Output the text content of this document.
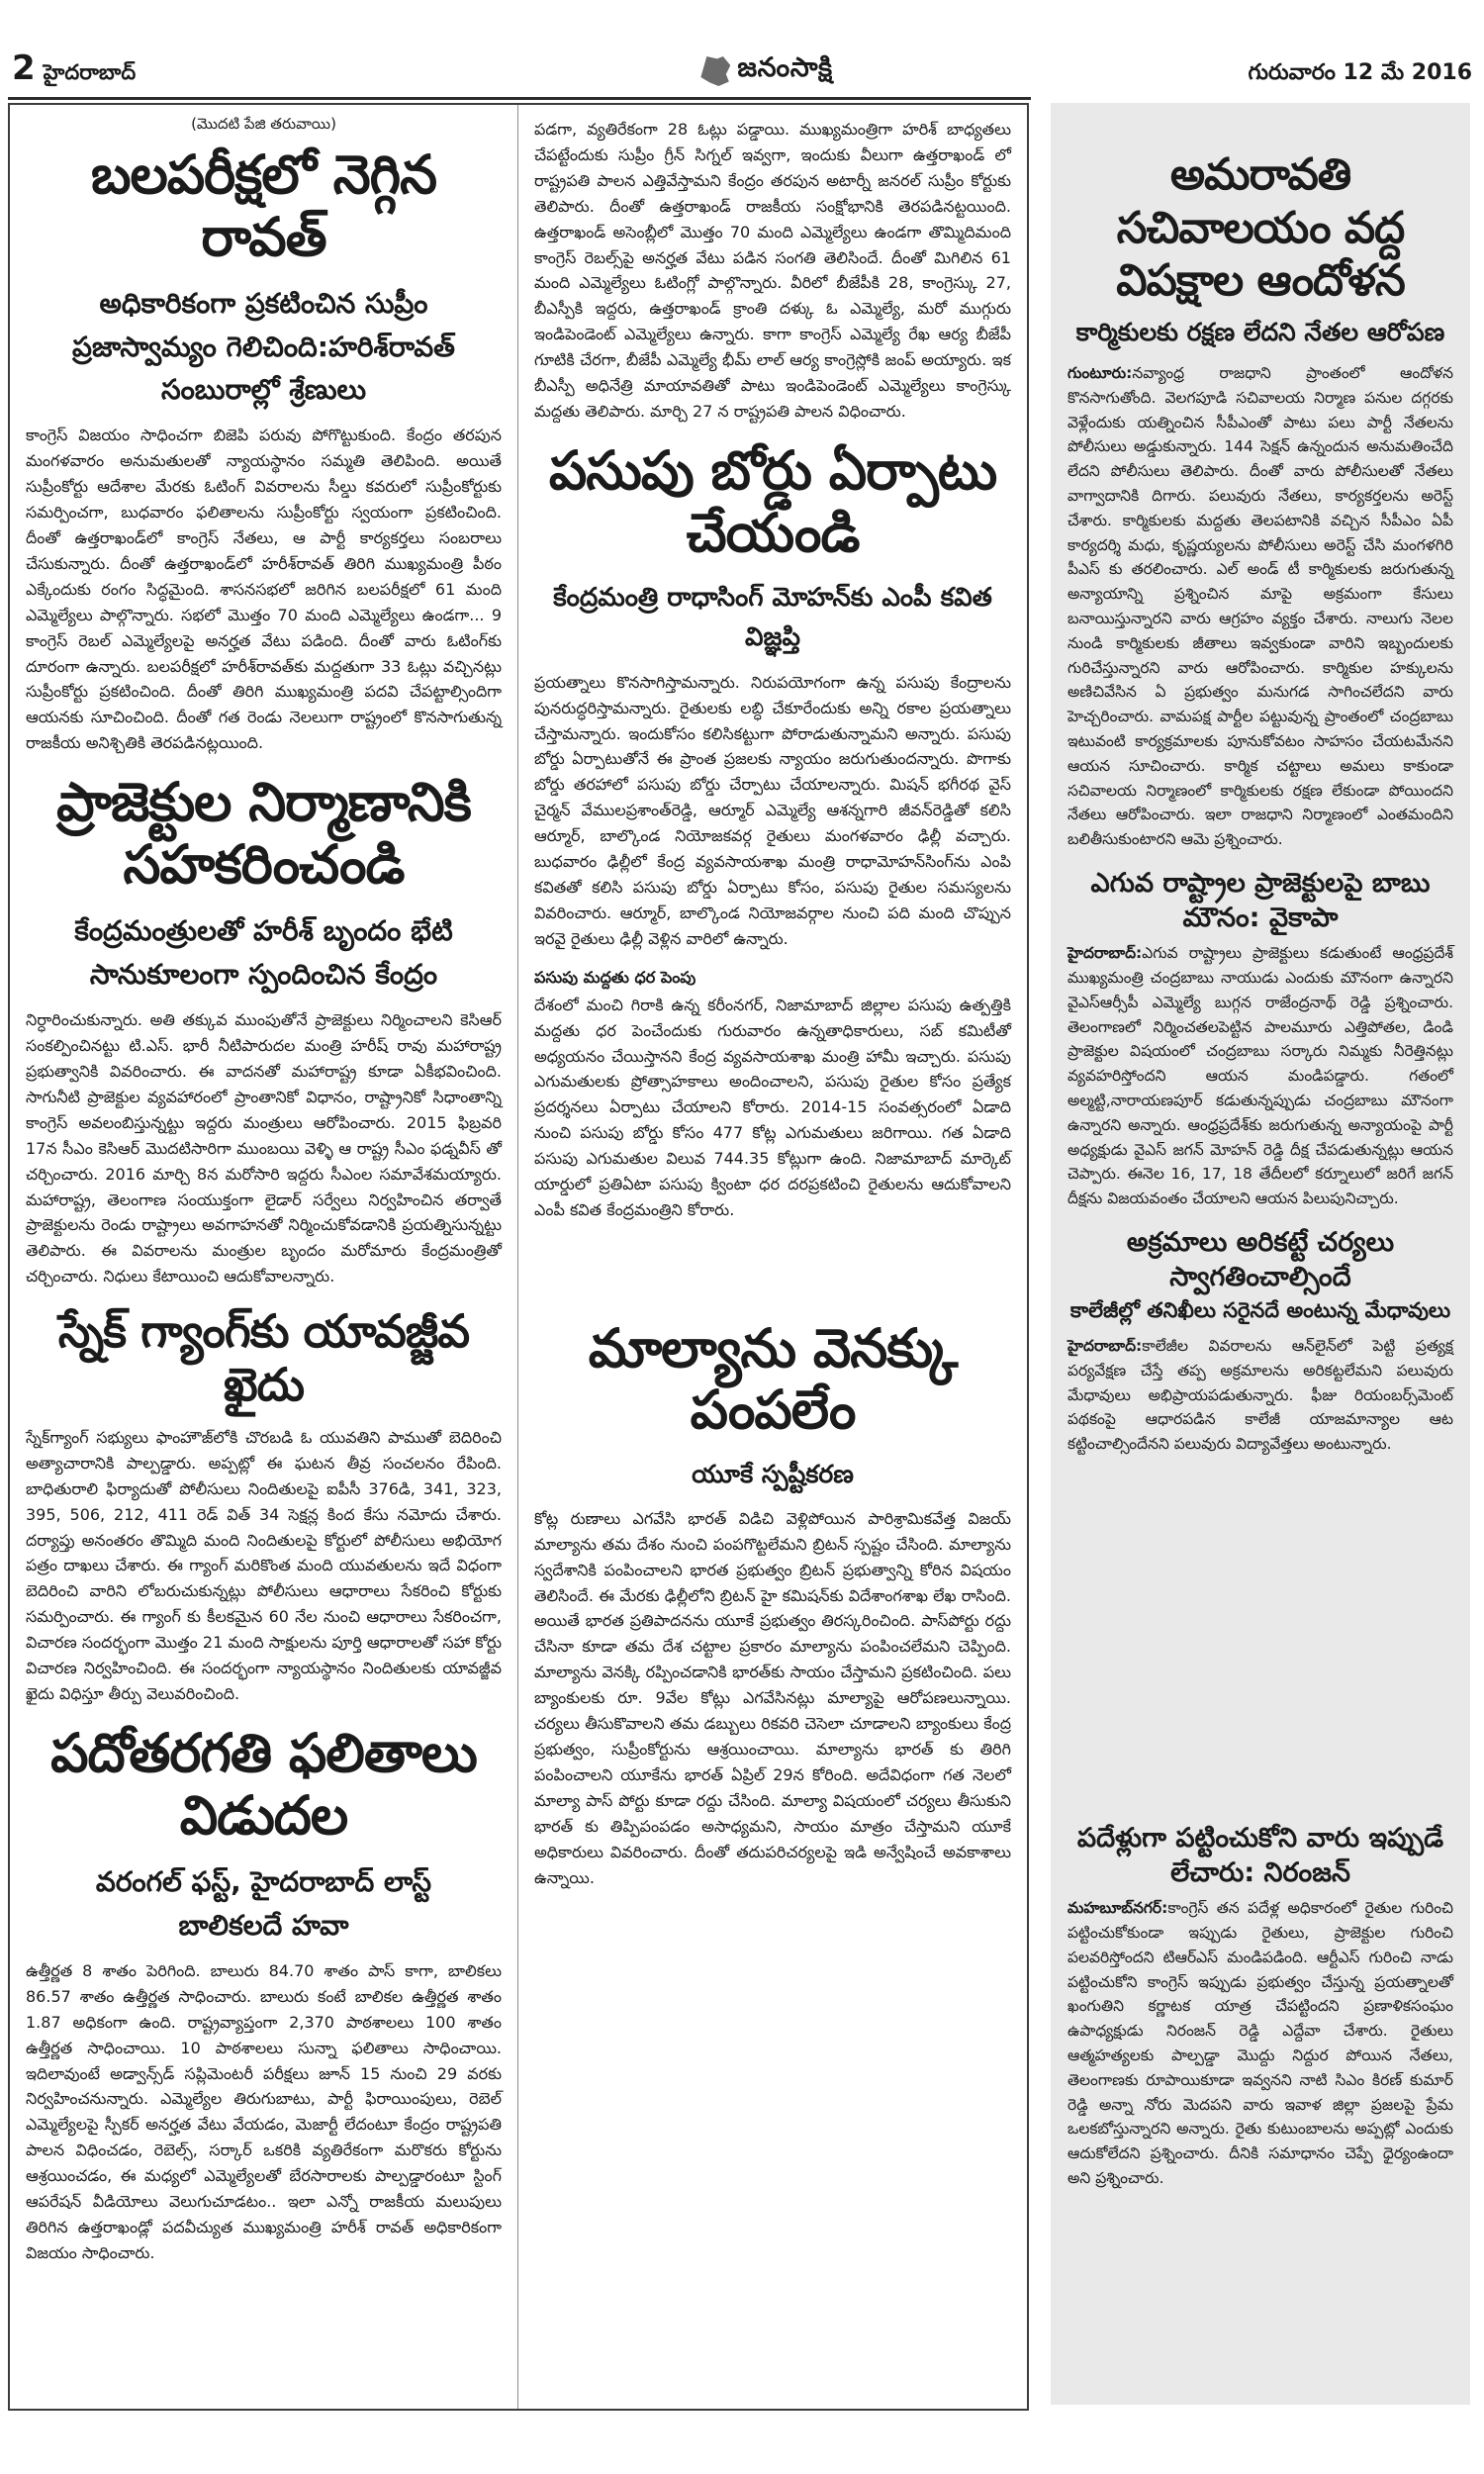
2 హైదరాబాద్	జనంసాక్షి	గురువారం 12 మే 2016

(మొదటి పేజి తరువాయి)

బలపరీక్షలో నెగ్గిన రావత్

అధికారికంగా ప్రకటించిన సుప్రీం

ప్రజాస్వామ్యం గెలిచింది:హరిశ్‌రావత్

సంబురాల్లో శ్రేణులు

కాంగ్రెస్ విజయం సాధించగా బిజెపి పరువు పోగొట్టుకుంది. కేంద్రం తరపున మంగళవారం అనుమతులతో న్యాయస్థానం సమ్మతి తెలిపింది. అయితే సుప్రీంకోర్టు ఆదేశాల మేరకు ఓటింగ్ వివరాలను సీల్డు కవరులో సుప్రీంకోర్టుకు సమర్పించగా, బుధవారం ఫలితాలను సుప్రీంకోర్టు స్వయంగా ప్రకటించింది. దీంతో ఉత్తరాఖండ్‌లో కాంగ్రెస్ నేతలు, ఆ పార్టీ కార్యకర్తలు సంబరాలు చేసుకున్నారు. దీంతో ఉత్తరాఖండ్‌లో హరీశ్‌రావత్ తిరిగి ముఖ్యమంత్రి పీఠం ఎక్కేందుకు రంగం సిద్ధమైంది. శాసనసభలో జరిగిన బలపరీక్షలో 61 మంది ఎమ్మెల్యేలు పాల్గొన్నారు. సభలో మొత్తం 70 మంది ఎమ్మెల్యేలు ఉండగా... 9 కాంగ్రెస్ రెబల్ ఎమ్మెల్యేలపై అనర్హత వేటు పడింది. దీంతో వారు ఓటింగ్‌కు దూరంగా ఉన్నారు. బలపరీక్షలో హరీశ్‌రావత్‌కు మద్దతుగా 33 ఓట్లు వచ్చినట్లు సుప్రీంకోర్టు ప్రకటించింది. దీంతో తిరిగి ముఖ్యమంత్రి పదవి చేపట్టాల్సిందిగా ఆయనకు సూచించింది. దీంతో గత రెండు నెలలుగా రాష్ట్రంలో కొనసాగుతున్న రాజకీయ అనిశ్చితికి తెరపడినట్లయింది.

ప్రాజెక్టుల నిర్మాణానికి సహకరించండి

కేంద్రమంత్రులతో హరీశ్ బృందం భేటి

సానుకూలంగా స్పందించిన కేంద్రం

నిర్ధారించుకున్నారు. అతి తక్కువ ముంపుతోనే ప్రాజెక్టులు నిర్మించాలని కెసిఆర్ సంకల్పించినట్టు టి.ఎస్. భారీ నీటిపారుదల మంత్రి హరీష్ రావు మహారాష్ట్ర ప్రభుత్వానికి వివరించారు. ఈ వాదనతో మహారాష్ట్ర కూడా ఏకీభవించింది. సాగునీటి ప్రాజెక్టుల వ్యవహారంలో ప్రాంతానికో విధానం, రాష్ట్రానికో సిధాంతాన్ని కాంగ్రెస్ అవలంబిస్తున్నట్టు ఇద్దరు మంత్రులు ఆరోపించారు. 2015 ఫిబ్రవరి 17న సీఎం కెసిఆర్ మొదటిసారిగా ముంబయి వెళ్ళి ఆ రాష్ట్ర సీఎం ఫడ్నవీస్ తో చర్చించారు. 2016 మార్చి 8న మరోసారి ఇద్దరు సీఎంల సమావేశమయ్యారు. మహారాష్ట్ర, తెలంగాణ సంయుక్తంగా లైడార్ సర్వేలు నిర్వహించిన తర్వాతే ప్రాజెక్టులను రెండు రాష్ట్రాలు అవగాహనతో నిర్మించుకోవడానికి ప్రయత్నిసున్నట్టు తెలిపారు. ఈ వివరాలను మంత్రుల బృందం మరోమారు కేంద్రమంత్రితో చర్చించారు. నిధులు కేటాయించి ఆదుకోవాలన్నారు.

స్నేక్ గ్యాంగ్‌కు యావజ్జీవ ఖైదు

స్నేక్‌గ్యాంగ్ సభ్యులు ఫాంహౌజ్‌లోకి చొరబడి ఓ యువతిని పాముతో బెదిరించి అత్యాచారానికి పాల్పడ్డారు. అప్పట్లో ఈ ఘటన తీవ్ర సంచలనం రేపింది. బాధితురాలి ఫిర్యాదుతో పోలీసులు నిందితులపై ఐపీసీ 376డి, 341, 323, 395, 506, 212, 411 రెడ్ విత్ 34 సెక్షన్ల కింద కేసు నమోదు చేశారు. దర్యాప్తు అనంతరం తొమ్మిది మంది నిందితులపై కోర్టులో పోలీసులు అభియోగ పత్రం దాఖలు చేశారు. ఈ గ్యాంగ్ మరికొంత మంది యువతులను ఇదే విధంగా బెదిరించి వారిని లోబరుచుకున్నట్లు పోలీసులు ఆధారాలు సేకరించి కోర్టుకు సమర్పించారు. ఈ గ్యాంగ్ కు కీలకమైన 60 నేల నుంచి ఆధారాలు సేకరించగా, విచారణ సందర్భంగా మొత్తం 21 మంది సాక్షులను పూర్తి ఆధారాలతో సహా కోర్టు విచారణ నిర్వహించింది. ఈ సందర్భంగా న్యాయస్థానం నిందితులకు యావజ్జీవ ఖైదు విధిస్తూ తీర్పు వెలువరించింది.

పదోతరగతి ఫలితాలు విడుదల

వరంగల్ ఫస్ట్, హైదరాబాద్ లాస్ట్

బాలికలదే హవా

ఉత్తీర్ణత 8 శాతం పెరిగింది. బాలురు 84.70 శాతం పాస్ కాగా, బాలికలు 86.57 శాతం ఉత్తీర్ణత సాధించారు. బాలురు కంటే బాలికల ఉత్తీర్ణత శాతం 1.87 అధికంగా ఉంది. రాష్ట్రవ్యాప్తంగా 2,370 పాఠశాలలు 100 శాతం ఉత్తీర్ణత సాధించాయి. 10 పాఠశాలలు సున్నా ఫలితాలు సాధించాయి. ఇదిలావుంటే అడ్వాన్స్‌డ్ సప్లిమెంటరీ పరీక్షలు జూన్ 15 నుంచి 29 వరకు నిర్వహించనున్నారు. ఎమ్మెల్యేల తిరుగుబాటు, పార్టీ ఫిరాయింపులు, రెబెల్ ఎమ్మెల్యేలపై స్పీకర్ అనర్హత వేటు వేయడం, మెజార్టీ లేదంటూ కేంద్రం రాష్ట్రపతి పాలన విధించడం, రెబెల్స్, సర్కార్ ఒకరికి వ్యతిరేకంగా మరొకరు కోర్టును ఆశ్రయించడం, ఈ మధ్యలో ఎమ్మెల్యేలతో బేరసారాలకు పాల్పడ్డారంటూ స్టింగ్ ఆపరేషన్ వీడియోలు వెలుగుచూడటం.. ఇలా ఎన్నో రాజకీయ మలుపులు తిరిగిన ఉత్తరాఖండ్లో పదవీచ్యుత ముఖ్యమంత్రి హరీశ్ రావత్ అధికారికంగా విజయం సాధించారు.

పడగా, వ్యతిరేకంగా 28 ఓట్లు పడ్డాయి. ముఖ్యమంత్రిగా హరిశ్ బాధ్యతలు చేపట్టేందుకు సుప్రీం గ్రీన్ సిగ్నల్ ఇవ్వగా, ఇందుకు వీలుగా ఉత్తరాఖండ్ లో రాష్ట్రపతి పాలన ఎత్తివేస్తామని కేంద్రం తరపున అటార్నీ జనరల్ సుప్రీం కోర్టుకు తెలిపారు. దీంతో ఉత్తరాఖండ్ రాజకీయ సంక్షోభానికి తెరపడినట్టయింది. ఉత్తరాఖండ్ అసెంబ్లీలో మొత్తం 70 మంది ఎమ్మెల్యేలు ఉండగా తొమ్మిదిమంది కాంగ్రెస్ రెబల్స్‌పై అనర్హత వేటు పడిన సంగతి తెలిసిందే. దీంతో మిగిలిన 61 మంది ఎమ్మెల్యేలు ఓటింగ్లో పాల్గొన్నారు. వీరిలో బీజేపీకి 28, కాంగ్రెస్కు 27, బీఎస్పీకి ఇద్దరు, ఉత్తరాఖండ్ క్రాంతి దళ్కు ఓ ఎమ్మెల్యే, మరో ముగ్గురు ఇండిపెండెంట్ ఎమ్మెల్యేలు ఉన్నారు. కాగా కాంగ్రెస్ ఎమ్మెల్యే రేఖ ఆర్య బీజేపీ గూటికి చేరగా, బీజేపీ ఎమ్మెల్యే భీమ్ లాల్ ఆర్య కాంగ్రెస్లోకి జంప్ అయ్యారు. ఇక బీఎస్పీ అధినేత్రి మాయావతితో పాటు ఇండిపెండెంట్ ఎమ్మెల్యేలు కాంగ్రెస్కు మద్దతు తెలిపారు. మార్చి 27 న రాష్ట్రపతి పాలన విధించారు.

పసుపు బోర్డు ఏర్పాటు చేయండి

కేంద్రమంత్రి రాధాసింగ్ మోహన్‌కు ఎంపీ కవిత విజ్ఞప్తి

ప్రయత్నాలు కొనసాగిస్తామన్నారు. నిరుపయోగంగా ఉన్న పసుపు కేంద్రాలను పునరుద్ధరిస్తామన్నారు. రైతులకు లబ్ధి చేకూరేందుకు అన్ని రకాల ప్రయత్నాలు చేస్తామన్నారు. ఇందుకోసం కలిసికట్టుగా పోరాడుతున్నామని అన్నారు. పసుపు బోర్డు ఏర్పాటుతోనే ఈ ప్రాంత ప్రజలకు న్యాయం జరుగుతుందన్నారు. పొగాకు బోర్డు తరహాలో పసుపు బోర్డు చేర్పాటు చేయాలన్నారు. మిషన్ భగీరథ వైస్ చైర్మన్ వేములప్రశాంత్‌రెడ్డి, ఆర్మూర్ ఎమ్మెల్యే ఆశన్నగారి జీవన్‌రెడ్డితో కలిసి ఆర్మూర్, బాల్కొండ నియోజకవర్గ రైతులు మంగళవారం ఢిల్లీ వచ్చారు. బుధవారం ఢిల్లీలో కేంద్ర వ్యవసాయశాఖ మంత్రి రాధామోహన్‌సింగ్‌ను ఎంపి కవితతో కలిసి పసుపు బోర్డు ఏర్పాటు కోసం, పసుపు రైతుల సమస్యలను వివరించారు. ఆర్మూర్, బాల్కొండ నియోజవర్గాల నుంచి పది మంది చొప్పున ఇరవై రైతులు ఢిల్లీ వెళ్లిన వారిలో ఉన్నారు.

పసుపు మద్దతు ధర పెంపు

దేశంలో మంచి గిరాకి ఉన్న కరీంనగర్, నిజామాబాద్ జిల్లాల పసుపు ఉత్పత్తికి మద్దతు ధర పెంచేందుకు గురువారం ఉన్నతాధికారులు, సబ్ కమిటీతో అధ్యయనం చేయిస్తానని కేంద్ర వ్యవసాయశాఖ మంత్రి హామీ ఇచ్చారు. పసుపు ఎగుమతులకు ప్రోత్సాహకాలు అందించాలని, పసుపు రైతుల కోసం ప్రత్యేక ప్రదర్శనలు ఏర్పాటు చేయాలని కోరారు. 2014-15 సంవత్సరంలో ఏడాది నుంచి పసుపు బోర్డు కోసం 477 కోట్ల ఎగుమతులు జరిగాయి. గత ఏడాది పసుపు ఎగుమతుల విలువ 744.35 కోట్లుగా ఉంది. నిజామాబాద్ మార్కెట్ యార్డులో ప్రతిఏటా పసుపు క్వింటా ధర దరప్రకటించి రైతులను ఆదుకోవాలని ఎంపీ కవిత కేంద్రమంత్రిని కోరారు.

మాల్యాను వెనక్కు పంపలేం

యూకే స్పష్టీకరణ

కోట్ల రుణాలు ఎగవేసి భారత్ విడిచి వెళ్లిపోయిన పారిశ్రామికవేత్త విజయ్ మాల్యాను తమ దేశం నుంచి పంపగొట్టలేమని బ్రిటన్ స్పష్టం చేసింది. మాల్యాను స్వదేశానికి పంపించాలని భారత ప్రభుత్వం బ్రిటన్ ప్రభుత్వాన్ని కోరిన విషయం తెలిసిందే. ఈ మేరకు ఢిల్లీలోని బ్రిటన్ హై కమిషన్‌కు విదేశాంగశాఖ లేఖ రాసింది. అయితే భారత ప్రతిపాదనను యూకే ప్రభుత్వం తిరస్కరించింది. పాస్‌పోర్టు రద్దు చేసినా కూడా తమ దేశ చట్టాల ప్రకారం మాల్యాను పంపించలేమని చెప్పింది. మాల్యాను వెనక్కి రప్పించడానికి భారత్‌కు సాయం చేస్తామని ప్రకటించింది. పలు బ్యాంకులకు రూ. 9వేల కోట్లు ఎగవేసినట్లు మాల్యాపై ఆరోపణలున్నాయి. చర్యలు తీసుకొవాలని తమ డబ్బులు రికవరి చెసెలా చూడాలని బ్యాంకులు కేంద్ర ప్రభుత్వం, సుప్రీంకోర్టును ఆశ్రయించాయి. మాల్యాను భారత్ కు తిరిగి పంపించాలని యూకేను భారత్ ఏప్రిల్ 29న కోరింది. అదేవిధంగా గత నెలలో మాల్యా పాస్ పోర్టు కూడా రద్దు చేసింది. మాల్యా విషయంలో చర్యలు తీసుకుని భారత్ కు తిప్పిపంపడం అసాధ్యమని, సాయం మాత్రం చేస్తామని యూకే అధికారులు వివరించారు. దీంతో తదుపరిచర్యలపై ఇడి అన్వేషించే అవకాశాలు ఉన్నాయి.

అమరావతి సచివాలయం వద్ద విపక్షాల ఆందోళన

కార్మికులకు రక్షణ లేదని నేతల ఆరోపణ

గుంటూరు:నవ్యాంధ్ర రాజధాని ప్రాంతంలో ఆందోళన కొనసాగుతోంది. వెలగపూడి సచివాలయ నిర్మాణ పనుల దగ్గరకు వెళ్లేందుకు యత్నించిన సీపీఎంతో పాటు పలు పార్టీ నేతలను పోలీసులు అడ్డుకున్నారు. 144 సెక్షన్ ఉన్నందున అనుమతించేది లేదని పోలీసులు తెలిపారు. దీంతో వారు పోలీసులతో నేతలు వాగ్వాదానికి దిగారు. పలువురు నేతలు, కార్యకర్తలను అరెస్ట్ చేశారు. కార్మికులకు మద్దతు తెలపటానికి వచ్చిన సీపీఎం ఏపీ కార్యదర్శి మధు, కృష్ణయ్యలను పోలీసులు అరెస్ట్ చేసి మంగళగిరి పీఎస్ కు తరలించారు. ఎల్ అండ్ టీ కార్మికులకు జరుగుతున్న అన్యాయాన్ని ప్రశ్నించిన మాపై అక్రమంగా కేసులు బనాయిస్తున్నారని వారు ఆగ్రహం వ్యక్తం చేశారు. నాలుగు నెలల నుండి కార్మికులకు జీతాలు ఇవ్వకుండా వారిని ఇబ్బందులకు గురిచేస్తున్నారని వారు ఆరోపించారు. కార్మికుల హక్కులను అణిచివేసిన ఏ ప్రభుత్వం మనుగడ సాగించలేదని వారు హెచ్చరించారు. వామపక్ష పార్టీల పట్టువున్న ప్రాంతంలో చంద్రబాబు ఇటువంటి కార్యక్రమాలకు పూనుకోవటం సాహసం చేయటమేనని ఆయన సూచించారు. కార్మిక చట్టాలు అమలు కాకుండా సచివాలయ నిర్మాణంలో కార్మికులకు రక్షణ లేకుండా పోయిందని నేతలు ఆరోపించారు. ఇలా రాజధాని నిర్మాణంలో ఎంతమందిని బలితీసుకుంటారని ఆమె ప్రశ్నించారు.

ఎగువ రాష్ట్రాల ప్రాజెక్టులపై బాబు మౌనం: వైకాపా

హైదరాబాద్:ఎగువ రాష్ట్రాలు ప్రాజెక్టులు కడుతుంటే ఆంధ్రప్రదేశ్ ముఖ్యమంత్రి చంద్రబాబు నాయుడు ఎందుకు మౌనంగా ఉన్నారని వైఎస్ఆర్సీపీ ఎమ్మెల్యే బుగ్గన రాజేంద్రనాథ్ రెడ్డి ప్రశ్నించారు. తెలంగాణలో నిర్మించతలపెట్టిన పాలమూరు ఎత్తిపోతల, డిండి ప్రాజెక్టుల విషయంలో చంద్రబాబు సర్కారు నిమ్మకు నీరెత్తినట్లు వ్యవహరిస్తోందని ఆయన మండిపడ్డారు. గతంలో అల్మట్టి,నారాయణపూర్ కడుతున్నప్పుడు చంద్రబాబు మౌనంగా ఉన్నారని అన్నారు. ఆంధ్రప్రదేశ్‌కు జరుగుతున్న అన్యాయంపై పార్టీ అధ్యక్షుడు వైఎస్ జగన్ మోహన్ రెడ్డి దీక్ష చేపడుతున్నట్లు ఆయన చెప్పారు. ఈనెల 16, 17, 18 తేదీలలో కర్నూలులో జరిగే జగన్ దీక్షను విజయవంతం చేయాలని ఆయన పిలుపునిచ్చారు.

అక్రమాలు అరికట్టే చర్యలు స్వాగతించాల్సిందే

కాలేజీల్లో తనిఖీలు సరైనదే అంటున్న మేధావులు

హైదరాబాద్:కాలేజీల వివరాలను ఆన్‌లైన్‌లో పెట్టి ప్రత్యక్ష పర్యవేక్షణ చేస్తే తప్ప అక్రమాలను అరికట్టలేమని పలువురు మేధావులు అభిప్రాయపడుతున్నారు. ఫీజు రియంబర్స్‌మెంట్ పథకంపై ఆధారపడిన కాలేజీ యాజమాన్యాల ఆట కట్టించాల్సిందేనని పలువురు విద్యావేత్తలు అంటున్నారు.

పదేళ్లుగా పట్టించుకోని వారు ఇప్పుడే లేచారు: నిరంజన్

మహబూబ్‌నగర్:కాంగ్రెస్ తన పదేళ్ల అధికారంలో రైతుల గురించి పట్టించుకోకుండా ఇప్పుడు రైతులు, ప్రాజెక్టుల గురించి పలవరిస్తోందని టిఆర్ఎస్ మండిపడింది. ఆర్టీఎస్ గురించి నాడు పట్టించుకోని కాంగ్రెస్ ఇప్పుడు ప్రభుత్వం చేస్తున్న ప్రయత్నాలతో ఖంగుతిని కర్ణాటక యాత్ర చేపట్టిందని ప్రణాళికసంఘం ఉపాధ్యక్షుడు నిరంజన్ రెడ్డి ఎద్దేవా చేశారు. రైతులు ఆత్మహత్యలకు పాల్పడ్డా మొద్దు నిద్దుర పోయిన నేతలు, తెలంగాణకు రూపాయికూడా ఇవ్వనని నాటి సిఎం కిరణ్ కుమార్ రెడ్డి అన్నా నోరు మెదపని వారు ఇవాళ జిల్లా ప్రజలపై ప్రేమ ఒలకబోస్తున్నారని అన్నారు. రైతు కుటుంబాలను అప్పట్లో ఎందుకు ఆదుకోలేదని ప్రశ్నించారు. దీనికి సమాధానం చెప్పే ధైర్యంఉందా అని ప్రశ్నించారు.
